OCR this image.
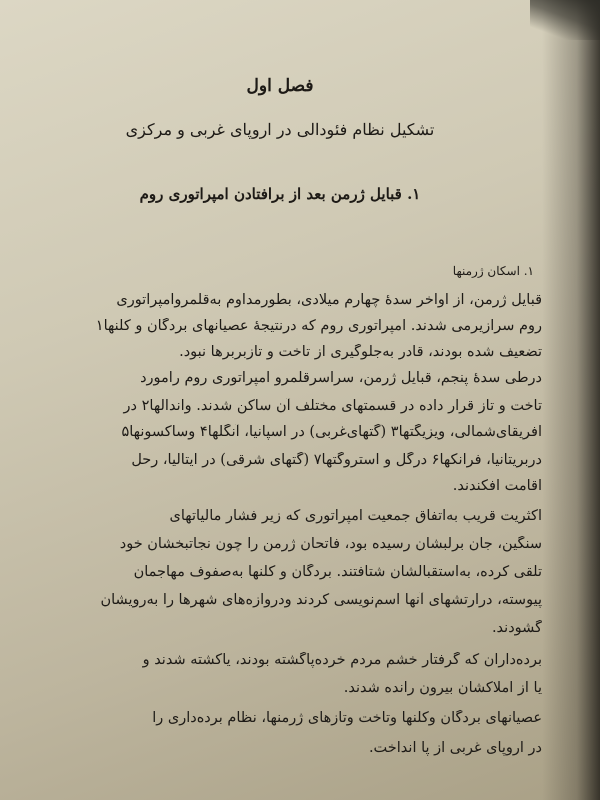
فصل اول
تشکیل نظام فئودالی در اروپای غربی و مرکزی
۱. قبایل ژرمن بعد از برافتادن امپراتوری روم
۱. اسکان ژرمنها
قبایل ژرمن، از اواخر سدهٔ چهارم میلادی، بطورمداوم به‌قلمروامپراتوری
روم سرازیرمی شدند. امپراتوری روم که درنتیجهٔ عصیانهای بردگان و کلنها۱
تضعیف شده بودند، قادر به‌جلوگیری از تاخت و تازبربرها نبود.
درطی سدهٔ پنجم، قبایل ژرمن، سراسرقلمرو امپراتوری روم رامورد
تاخت و تاز قرار داده در قسمتهای مختلف آن ساکن شدند. واندالها۲ در
افریقای‌شمالی، ویزیگتها۳ (گتهای‌غربی) در اسپانیا، آنگلها۴ وساکسونها۵
دربریتانیا، فرانکها۶ درگل و استروگتها۷ (گتهای شرقی) در ایتالیا، رحل
اقامت افکندند.
اکثریت قریب به‌اتفاق جمعیت امپراتوری که زیر فشار مالیاتهای
سنگین، جان برلبشان رسیده بود، فاتحان ژرمن را چون نجاتبخشان خود
تلقی کرده، به‌استقبالشان شتافتند. بردگان و کلنها به‌صفوف مهاجمان
پیوسته، درارتشهای آنها اسم‌نویسی کردند ودروازه‌های شهرها را به‌رویشان
گشودند.
برده‌داران که گرفتار خشم مردم خرده‌پاگشته بودند، یاکشته شدند و
یا از املاکشان بیرون رانده شدند.
عصیانهای بردگان وکلنها وتاخت وتازهای ژرمنها، نظام برده‌داری را
در اروپای غربی از پا انداخت.
